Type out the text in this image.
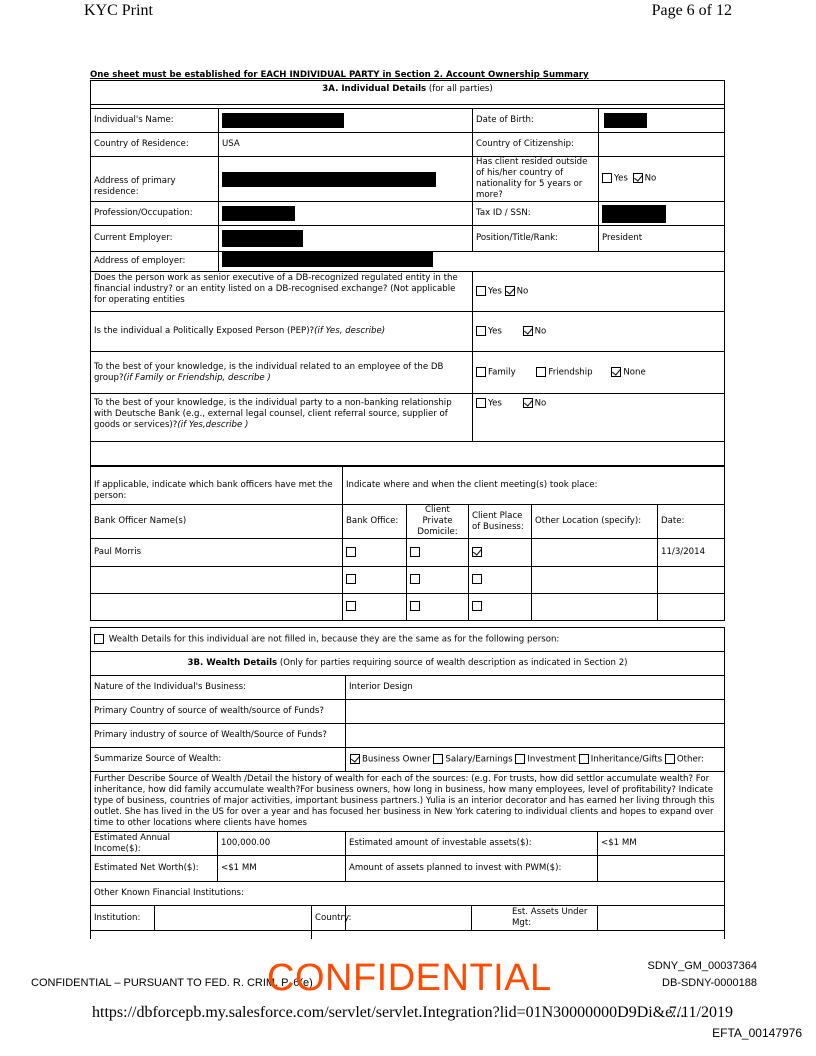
KYC Print	Page 6 of 12
One sheet must be established for EACH INDIVIDUAL PARTY in Section 2. Account Ownership Summary
3A. Individual Details (for all parties)			

Individual's Name:		Date of Birth:	
Country of Residence:	USA	Country of Citizenship:	
Address of primary residence:		Has client resided outside of his/her country of nationality for 5 years or more?	Yes No
Profession/Occupation:		Tax ID / SSN:	
Current Employer:		Position/Title/Rank:	President
Address of employer:			
Does the person work as senior executive of a DB-recognized regulated entity in the financial industry? or an entity listed on a DB-recognised exchange? (Not applicable for operating entities		Yes No	
Is the individual a Politically Exposed Person (PEP)?(if Yes, describe)		Yes No	
To the best of your knowledge, is the individual related to an employee of the DB group?(if Family or Friendship, describe )		Family Friendship None	
To the best of your knowledge, is the individual party to a non-banking relationship with Deutsche Bank (e.g., external legal counsel, client referral source, supplier of goods or services)?(if Yes,describe )		Yes No	

If applicable, indicate which bank officers have met the person:	Indicate where and when the client meeting(s) took place:				
Bank Officer Name(s)	Bank Office:	Client Private Domicile:	Client Place of Business:	Other Location (specify):	Date:
Paul Morris					11/3/2014

Wealth Details for this individual are not filled in, because they are the same as for the following person:						
3B. Wealth Details (Only for parties requiring source of wealth description as indicated in Section 2)						
Nature of the Individual's Business:				Interior Design		
Primary Country of source of wealth/source of Funds?						
Primary industry of source of Wealth/Source of Funds?						
Summarize Source of Wealth:				Business Owner Salary/Earnings Investment Inheritance/Gifts Other:		
Further Describe Source of Wealth /Detail the history of wealth for each of the sources: (e.g. For trusts, how did settlor accumulate wealth? For inheritance, how did family accumulate wealth?For business owners, how long in business, how many employees, level of profitability? Indicate type of business, countries of major activities, important business partners.) Yulia is an interior decorator and has earned her living through this outlet. She has lived in the US for over a year and has focused her business in New York catering to individual clients and hopes to expand over time to other locations where clients have homes						
Estimated Annual Income($):		100,000.00		Estimated amount of investable assets($):		<$1 MM
Estimated Net Worth($):		<$1 MM		Amount of assets planned to invest with PWM($):		
Other Known Financial Institutions:						
Institution:			Country:		Est. Assets Under Mgt:	

SDNY_GM_00037364
DB-SDNY-0000188
CONFIDENTIAL – PURSUANT TO FED. R. CRIM. P. 6(e)
CONFIDENTIAL
https://dbforcepb.my.salesforce.com/servlet/servlet.Integration?lid=01N30000000D9Di&e...
7/11/2019
EFTA_00147976
